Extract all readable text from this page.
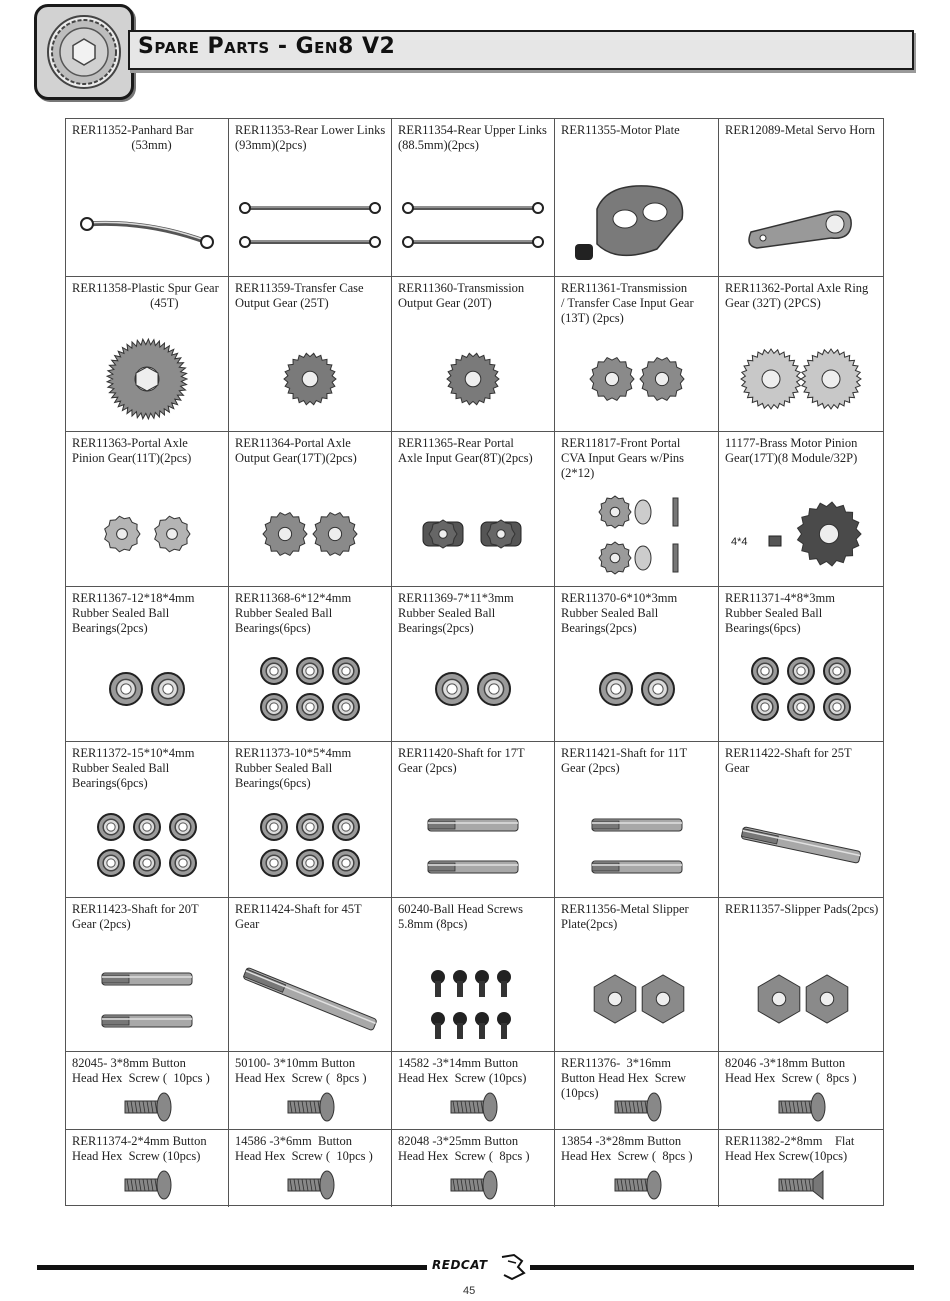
Spare Parts - Gen8 V2
RER11352-Panhard Bar
(53mm)
RER11353-Rear Lower Links
(93mm)(2pcs)
RER11354-Rear Upper Links
(88.5mm)(2pcs)
RER11355-Motor Plate	RER12089-Metal Servo Horn
RER11358-Plastic Spur Gear
(45T)
RER11359-Transfer Case
Output Gear (25T)
RER11360-Transmission
Output Gear (20T)
RER11361-Transmission
/ Transfer Case Input Gear
(13T) (2pcs)
RER11362-Portal Axle Ring
Gear (32T) (2PCS)
RER11363-Portal Axle
Pinion Gear(11T)(2pcs)
RER11364-Portal Axle
Output Gear(17T)(2pcs)
RER11365-Rear Portal
Axle Input Gear(8T)(2pcs)
RER11817-Front Portal
CVA Input Gears w/Pins
(2*12)
11177-Brass Motor Pinion
Gear(17T)(8 Module/32P)
4*4
RER11367-12*18*4mm
Rubber Sealed Ball
Bearings(2pcs)
RER11368-6*12*4mm
Rubber Sealed Ball
Bearings(6pcs)
RER11369-7*11*3mm
Rubber Sealed Ball
Bearings(2pcs)
RER11370-6*10*3mm
Rubber Sealed Ball
Bearings(2pcs)
RER11371-4*8*3mm
Rubber Sealed Ball
Bearings(6pcs)
RER11372-15*10*4mm
Rubber Sealed Ball
Bearings(6pcs)
RER11373-10*5*4mm
Rubber Sealed Ball
Bearings(6pcs)
RER11420-Shaft for 17T
Gear (2pcs)
RER11421-Shaft for 11T
Gear (2pcs)
RER11422-Shaft for 25T
Gear
RER11423-Shaft for 20T
Gear (2pcs)
RER11424-Shaft for 45T
Gear
60240-Ball Head Screws
5.8mm (8pcs)
RER11356-Metal Slipper
Plate(2pcs)
RER11357-Slipper Pads(2pcs)
82045- 3*8mm Button
Head Hex  Screw (  10pcs )
50100- 3*10mm Button
Head Hex  Screw (  8pcs )
14582 -3*14mm Button
Head Hex  Screw (10pcs)
RER11376-  3*16mm
Button Head Hex  Screw
(10pcs)
82046 -3*18mm Button
Head Hex  Screw (  8pcs )
RER11374-2*4mm Button
Head Hex  Screw (10pcs)
14586 -3*6mm  Button
Head Hex  Screw (  10pcs )
82048 -3*25mm Button
Head Hex  Screw (  8pcs )
13854 -3*28mm Button
Head Hex  Screw (  8pcs )
RER11382-2*8mm    Flat
Head Hex Screw(10pcs)
REDCAT
45
